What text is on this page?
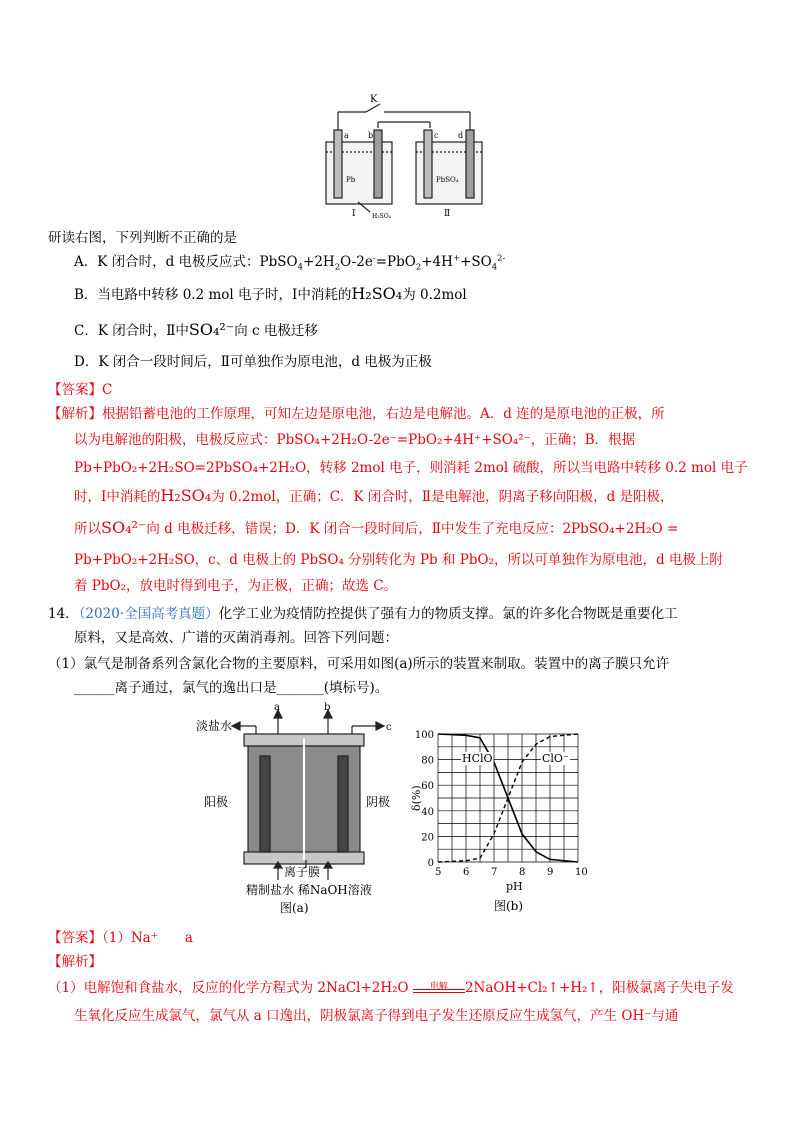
K
a b	c d
Pb	PbSO₄
Ⅰ	H₂SO₄	Ⅱ
研读右图，下列判断不正确的是
A．K 闭合时，d 电极反应式：$PbSO_4+2H_2O-2e^-=PbO_2+4H^++SO_4^{2-}$
B．当电路中转移 0.2 mol 电子时，Ⅰ中消耗的H₂SO₄为 0.2mol
C．K 闭合时，Ⅱ中SO₄²⁻向 c 电极迁移
D．K 闭合一段时间后，Ⅱ可单独作为原电池，d 电极为正极
【答案】C
【解析】根据铅蓄电池的工作原理，可知左边是原电池，右边是电解池。A．d 连的是原电池的正极，所
以为电解池的阳极，电极反应式：PbSO₄+2H₂O-2e⁻=PbO₂+4H⁺+SO₄²⁻，正确；B．根据
Pb+PbO₂+2H₂SO=2PbSO₄+2H₂O，转移 2mol 电子，则消耗 2mol 硫酸，所以当电路中转移 0.2 mol 电子
时，Ⅰ中消耗的H₂SO₄为 0.2mol，正确；C．K 闭合时，Ⅱ是电解池，阴离子移向阳极，d 是阳极，
所以SO₄²⁻向 d 电极迁移，错误；D．K 闭合一段时间后，Ⅱ中发生了充电反应：2PbSO₄+2H₂O =
Pb+PbO₂+2H₂SO，c、d 电极上的 PbSO₄ 分别转化为 Pb 和 PbO₂，所以可单独作为原电池，d 电极上附
着 PbO₂，放电时得到电子，为正极，正确；故选 C。
14．（2020·全国高考真题）化学工业为疫情防控提供了强有力的物质支撑。氯的许多化合物既是重要化工
原料，又是高效、广谱的灭菌消毒剂。回答下列问题：
（1）氯气是制备系列含氯化合物的主要原料，可采用如图(a)所示的装置来制取。装置中的离子膜只允许
______离子通过，氯气的逸出口是_______(填标号)。
a	b
c
淡盐水
阳极	阴极
离子膜
精制盐水 稀NaOH溶液
图(a)
5 6 7 8 9 10
0
20
40
60
80
100
HClO	ClO⁻
δ(%)
pH
图(b)
【答案】（1）Na⁺　　a
【解析】
（1）电解饱和食盐水，反应的化学方程式为 2NaCl+2H₂O	电解	2NaOH+Cl₂↑+H₂↑，阳极氯离子失电子发
生氧化反应生成氯气，氯气从 a 口逸出，阴极氯离子得到电子发生还原反应生成氢气，产生 OH⁻与通
